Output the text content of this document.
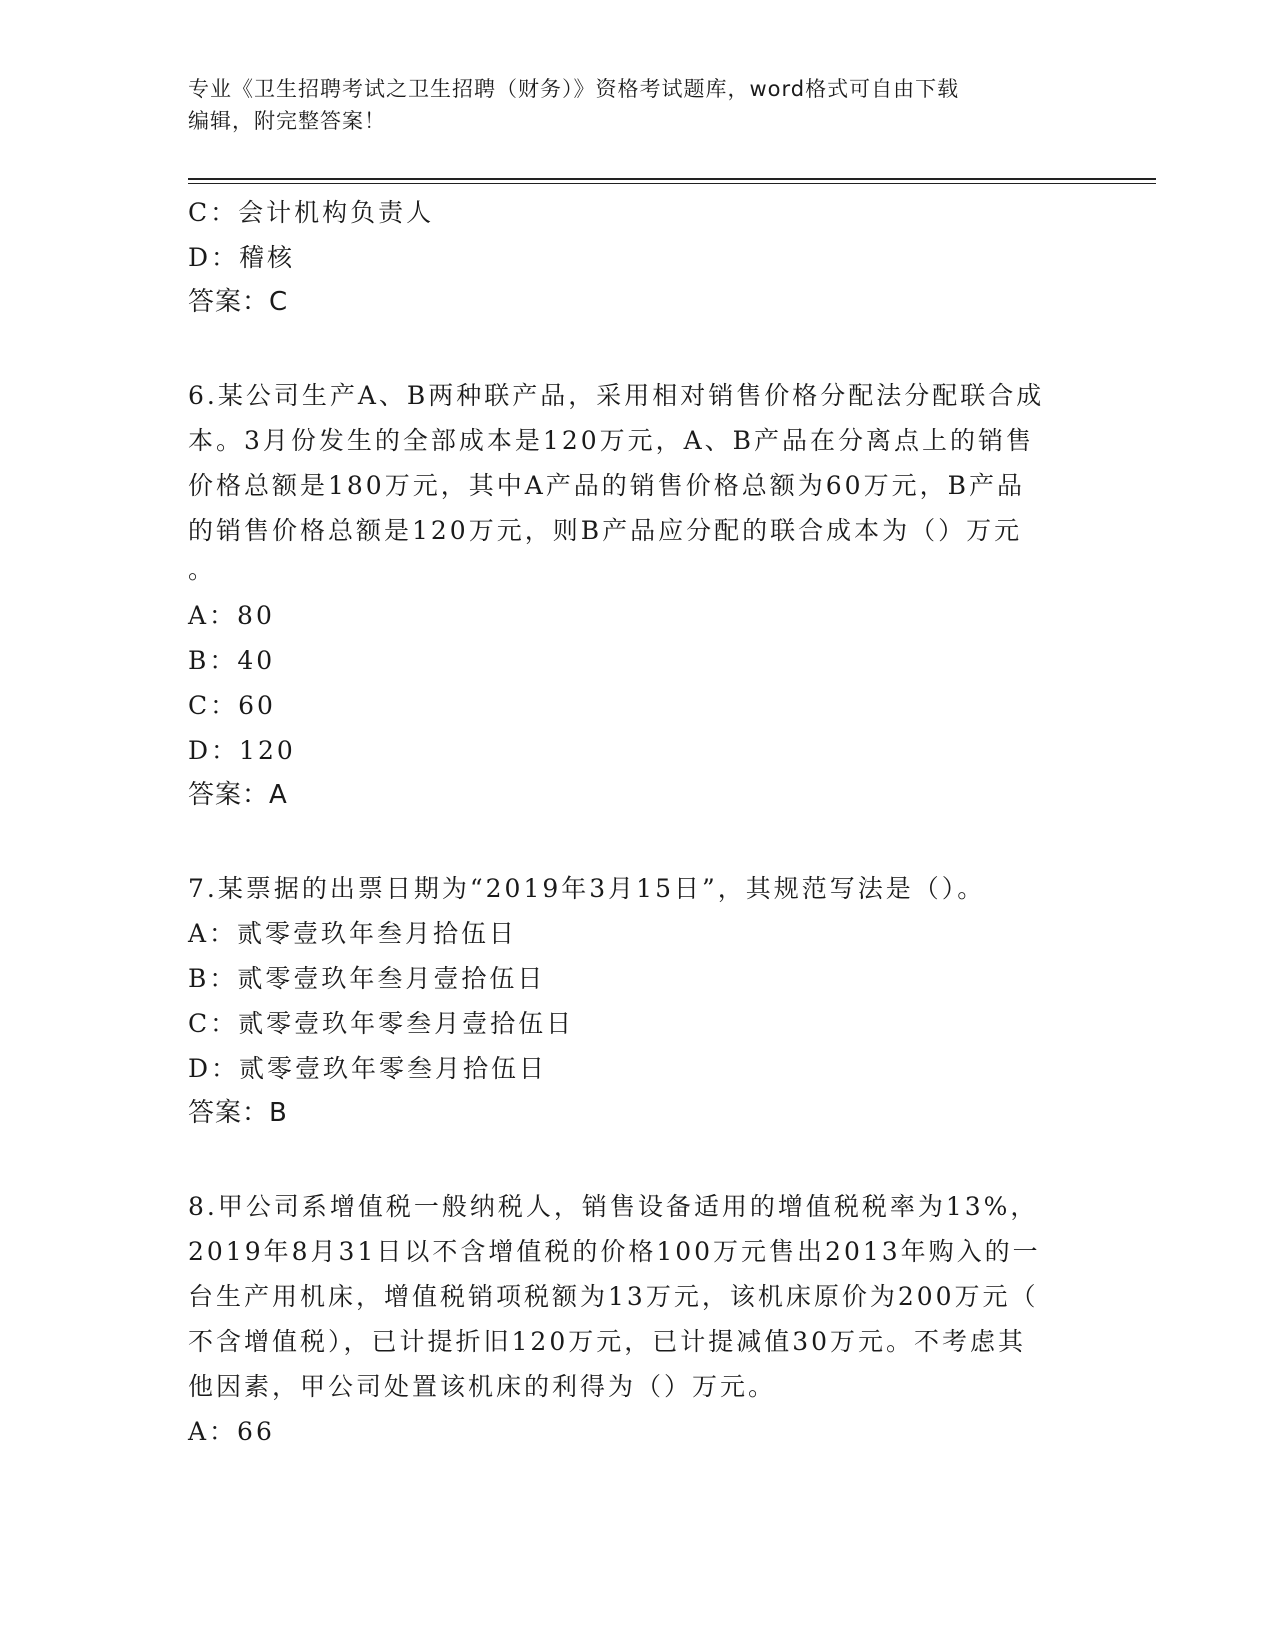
专业《卫生招聘考试之卫生招聘（财务）》资格考试题库，word格式可自由下载
编辑，附完整答案！
C：会计机构负责人
D：稽核
答案：C
6.某公司生产A、B两种联产品，采用相对销售价格分配法分配联合成
本。3月份发生的全部成本是120万元，A、B产品在分离点上的销售
价格总额是180万元，其中A产品的销售价格总额为60万元，B产品
的销售价格总额是120万元，则B产品应分配的联合成本为（）万元
。
A：80
B：40
C：60
D：120
答案：A
7.某票据的出票日期为“2019年3月15日”，其规范写法是（）。
A：贰零壹玖年叁月拾伍日
B：贰零壹玖年叁月壹拾伍日
C：贰零壹玖年零叁月壹拾伍日
D：贰零壹玖年零叁月拾伍日
答案：B
8.甲公司系增值税一般纳税人，销售设备适用的增值税税率为13%，
2019年8月31日以不含增值税的价格100万元售出2013年购入的一
台生产用机床，增值税销项税额为13万元，该机床原价为200万元（
不含增值税），已计提折旧120万元，已计提减值30万元。不考虑其
他因素，甲公司处置该机床的利得为（）万元。
A：66
